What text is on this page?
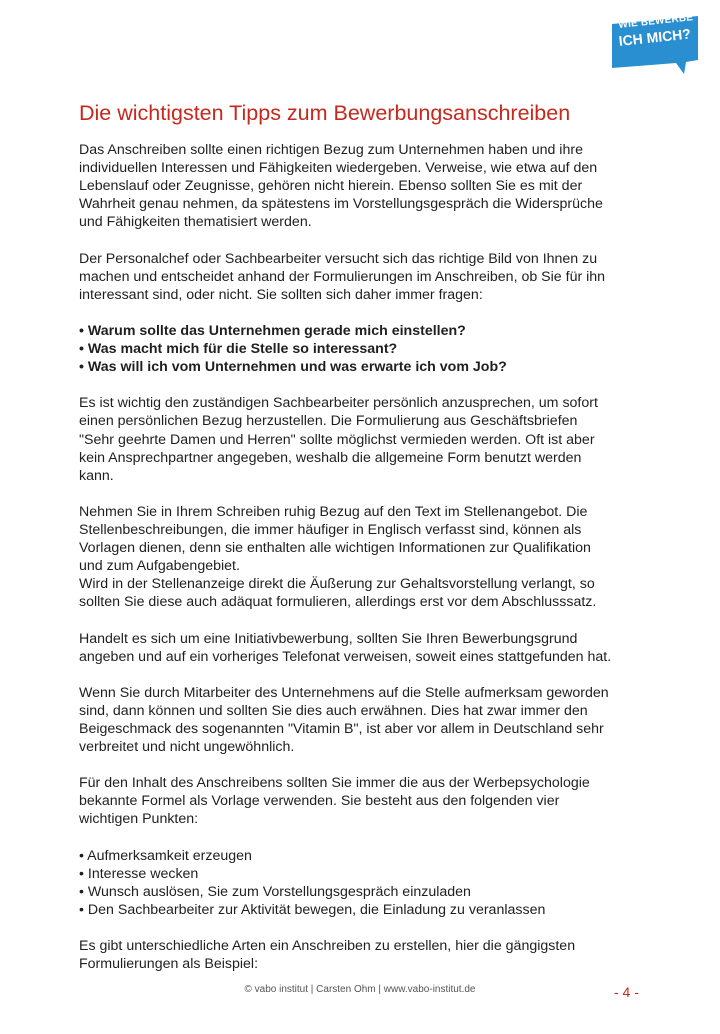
WIE BEWERBE
ICH MICH?
Die wichtigsten Tipps zum Bewerbungsanschreiben

Das Anschreiben sollte einen richtigen Bezug zum Unternehmen haben und ihre
individuellen Interessen und Fähigkeiten wiedergeben. Verweise, wie etwa auf den
Lebenslauf oder Zeugnisse, gehören nicht hierein. Ebenso sollten Sie es mit der
Wahrheit genau nehmen, da spätestens im Vorstellungsgespräch die Widersprüche
und Fähigkeiten thematisiert werden.

Der Personalchef oder Sachbearbeiter versucht sich das richtige Bild von Ihnen zu
machen und entscheidet anhand der Formulierungen im Anschreiben, ob Sie für ihn
interessant sind, oder nicht. Sie sollten sich daher immer fragen:

• Warum sollte das Unternehmen gerade mich einstellen?
• Was macht mich für die Stelle so interessant?
• Was will ich vom Unternehmen und was erwarte ich vom Job?

Es ist wichtig den zuständigen Sachbearbeiter persönlich anzusprechen, um sofort
einen persönlichen Bezug herzustellen. Die Formulierung aus Geschäftsbriefen
"Sehr geehrte Damen und Herren" sollte möglichst vermieden werden. Oft ist aber
kein Ansprechpartner angegeben, weshalb die allgemeine Form benutzt werden
kann.

Nehmen Sie in Ihrem Schreiben ruhig Bezug auf den Text im Stellenangebot. Die
Stellenbeschreibungen, die immer häufiger in Englisch verfasst sind, können als
Vorlagen dienen, denn sie enthalten alle wichtigen Informationen zur Qualifikation
und zum Aufgabengebiet.
Wird in der Stellenanzeige direkt die Äußerung zur Gehaltsvorstellung verlangt, so
sollten Sie diese auch adäquat formulieren, allerdings erst vor dem Abschlusssatz.

Handelt es sich um eine Initiativbewerbung, sollten Sie Ihren Bewerbungsgrund
angeben und auf ein vorheriges Telefonat verweisen, soweit eines stattgefunden hat.

Wenn Sie durch Mitarbeiter des Unternehmens auf die Stelle aufmerksam geworden
sind, dann können und sollten Sie dies auch erwähnen. Dies hat zwar immer den
Beigeschmack des sogenannten "Vitamin B", ist aber vor allem in Deutschland sehr
verbreitet und nicht ungewöhnlich.

Für den Inhalt des Anschreibens sollten Sie immer die aus der Werbepsychologie
bekannte Formel als Vorlage verwenden. Sie besteht aus den folgenden vier
wichtigen Punkten:

• Aufmerksamkeit erzeugen
• Interesse wecken
• Wunsch auslösen, Sie zum Vorstellungsgespräch einzuladen
• Den Sachbearbeiter zur Aktivität bewegen, die Einladung zu veranlassen

Es gibt unterschiedliche Arten ein Anschreiben zu erstellen, hier die gängigsten
Formulierungen als Beispiel:

© vabo institut | Carsten Ohm | www.vabo-institut.de	- 4 -
